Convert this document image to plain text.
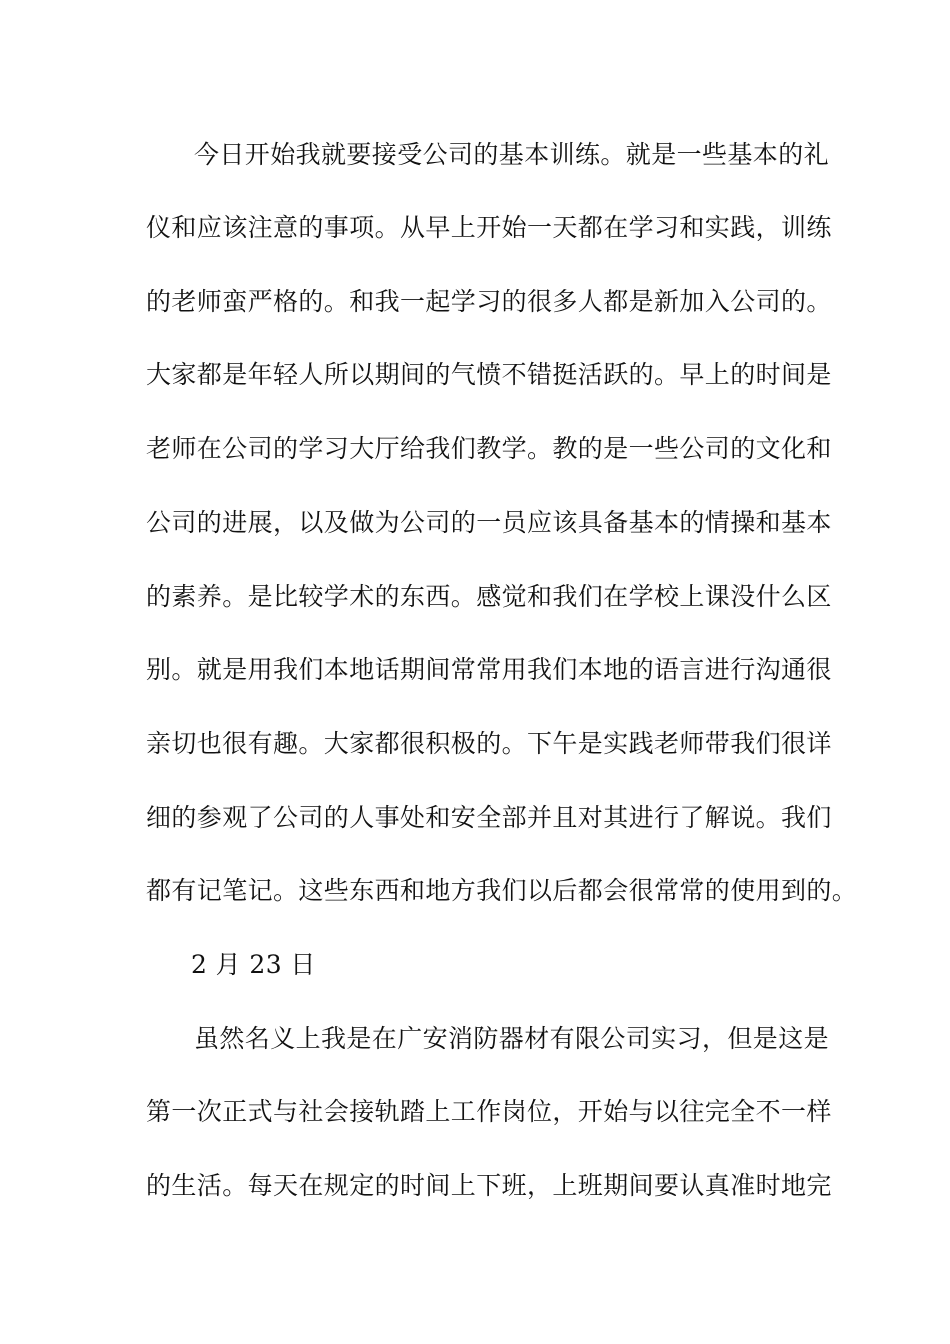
今日开始我就要接受公司的基本训练。就是一些基本的礼
仪和应该注意的事项。从早上开始一天都在学习和实践，训练
的老师蛮严格的。和我一起学习的很多人都是新加入公司的。
大家都是年轻人所以期间的气愤不错挺活跃的。早上的时间是
老师在公司的学习大厅给我们教学。教的是一些公司的文化和
公司的进展，以及做为公司的一员应该具备基本的情操和基本
的素养。是比较学术的东西。感觉和我们在学校上课没什么区
别。就是用我们本地话期间常常用我们本地的语言进行沟通很
亲切也很有趣。大家都很积极的。下午是实践老师带我们很详
细的参观了公司的人事处和安全部并且对其进行了解说。我们
都有记笔记。这些东西和地方我们以后都会很常常的使用到的。
2 月 23 日
虽然名义上我是在广安消防器材有限公司实习，但是这是
第一次正式与社会接轨踏上工作岗位，开始与以往完全不一样
的生活。每天在规定的时间上下班，上班期间要认真准时地完
